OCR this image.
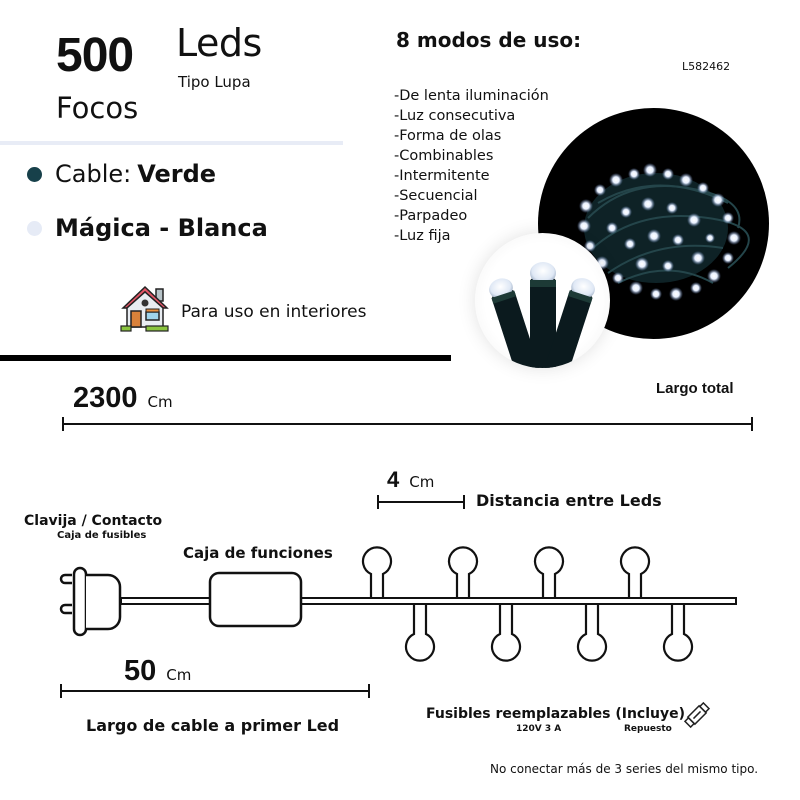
500 Leds
Tipo Lupa
Focos
Cable: Verde
Mágica - Blanca
Para uso en interiores
8 modos de uso:
L582462
-De lenta iluminación
-Luz consecutiva
-Forma de olas
-Combinables
-Intermitente
-Secuencial
-Parpadeo
-Luz fija
2300 Cm
Largo total
4 Cm
Distancia entre Leds
Clavija / Contacto
Caja de fusibles
Caja de funciones
50 Cm
Largo de cable a primer Led
Fusibles reemplazables (Incluye)
120V 3 A	Repuesto
No conectar más de 3 series del mismo tipo.
